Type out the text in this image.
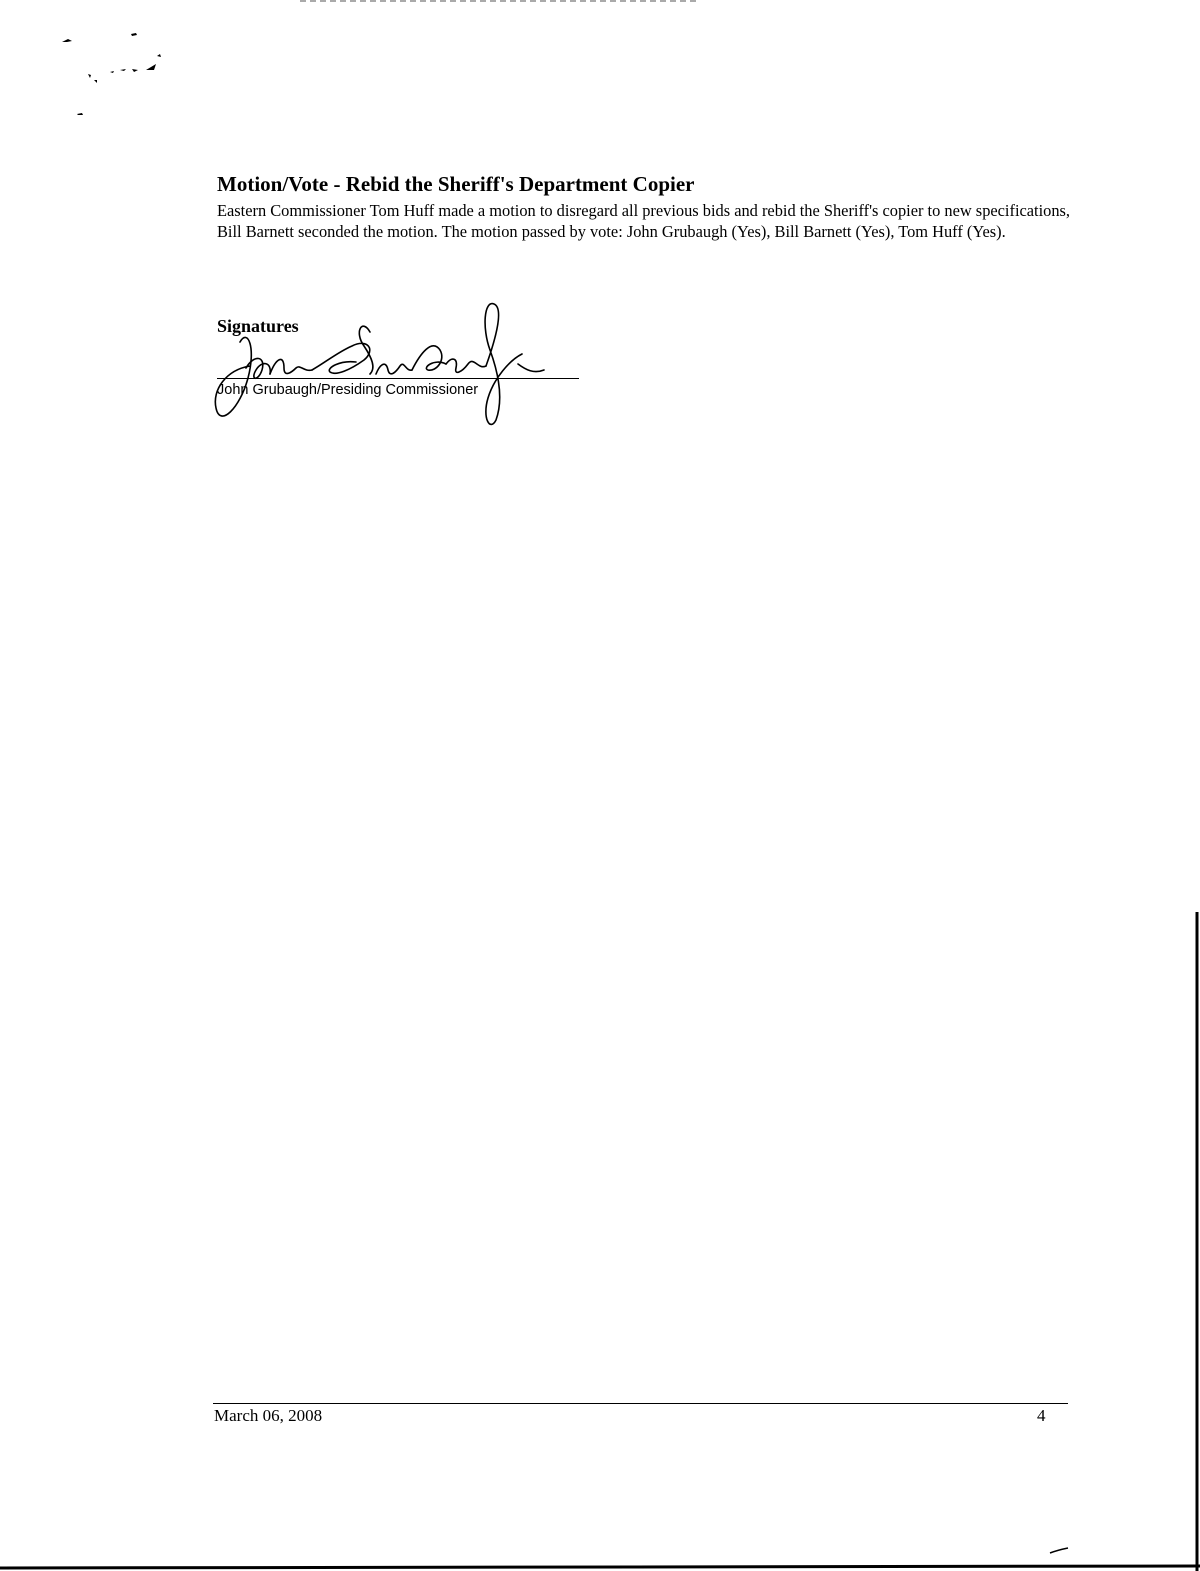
Motion/Vote - Rebid the Sheriff's Department Copier

Eastern Commissioner Tom Huff made a motion to disregard all previous bids and rebid the Sheriff's copier to new specifications, Bill Barnett seconded the motion. The motion passed by vote: John Grubaugh (Yes), Bill Barnett (Yes), Tom Huff (Yes).

Signatures

John Grubaugh/Presiding Commissioner

March 06, 2008	4
